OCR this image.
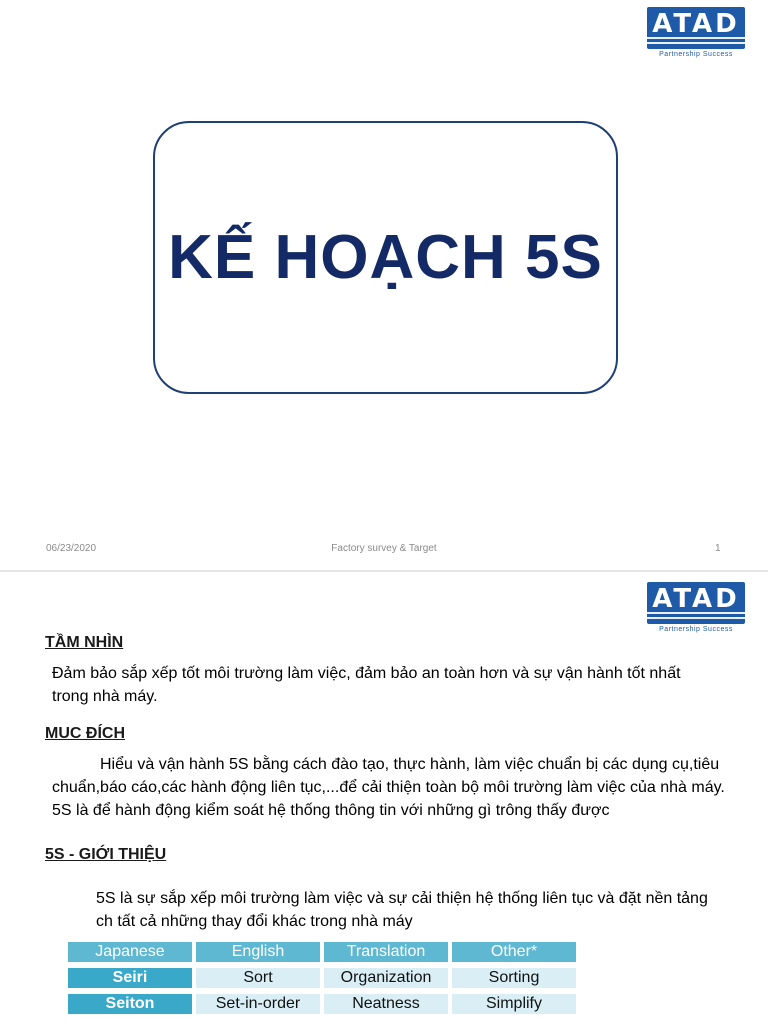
ATAD
Partnership Success
KẾ HOẠCH 5S
06/23/2020	Factory survey & Target	1
ATAD
Partnership Success
TẦM NHÌN

Đảm bảo sắp xếp tốt môi trường làm việc, đảm bảo an toàn hơn và sự vận hành tốt nhất trong nhà máy.

MUC ĐÍCH

Hiểu và vận hành 5S bằng cách đào tạo, thực hành, làm việc chuẩn bị các dụng cụ,tiêu chuẩn,báo cáo,các hành động liên tục,...để cải thiện toàn bộ môi trường làm việc của nhà máy. 5S là để hành động kiểm soát hệ thống thông tin với những gì trông thấy được

5S - GIỚI THIỆU

5S là sự sắp xếp môi trường làm việc và sự cải thiện hệ thống liên tục và đặt nền tảng ch tất cả những thay đổi khác trong nhà máy

Japanese	English	Translation	Other*
Seiri	Sort	Organization	Sorting
Seiton	Set-in-order	Neatness	Simplify
